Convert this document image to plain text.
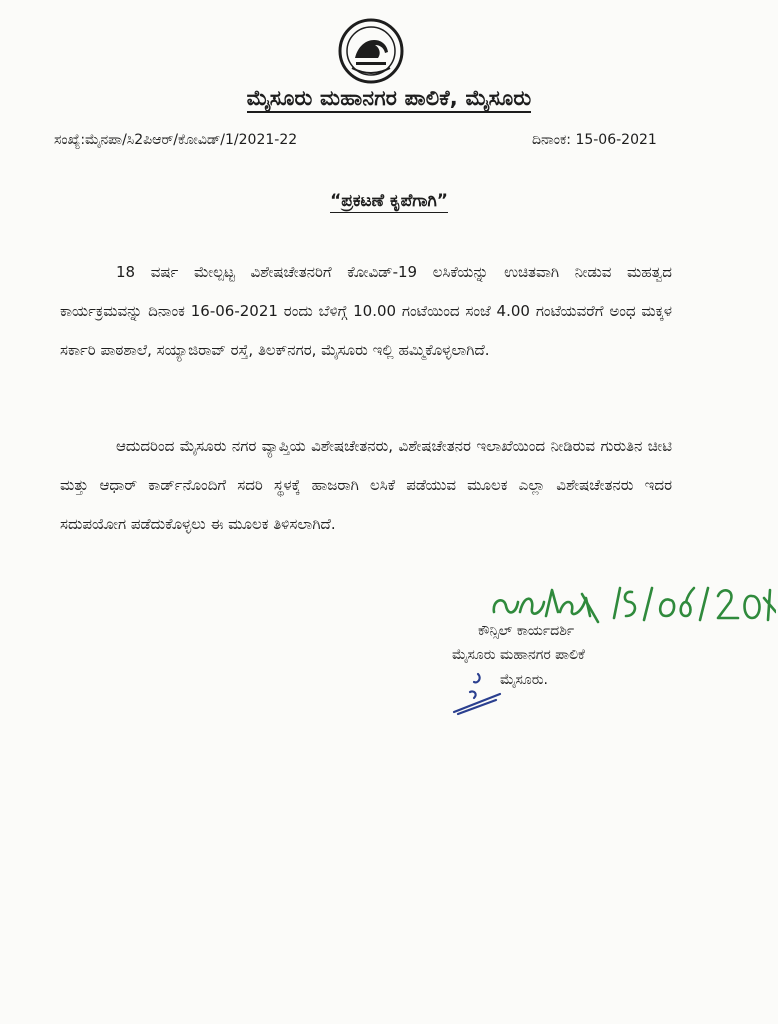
ಮೈಸೂರು ಮಹಾನಗರ ಪಾಲಿಕೆ, ಮೈಸೂರು
ಸಂಖ್ಯೆ:ಮೈನಪಾ/ಸಿ2ಪಿಆರ್/ಕೋವಿಡ್/1/2021-22	ದಿನಾಂಕ: 15-06-2021
“ಪ್ರಕಟಣೆ ಕೃಪೆಗಾಗಿ”

18 ವರ್ಷ ಮೇಲ್ಪಟ್ಟ ವಿಶೇಷಚೇತನರಿಗೆ ಕೋವಿಡ್-19 ಲಸಿಕೆಯನ್ನು ಉಚಿತವಾಗಿ ನೀಡುವ ಮಹತ್ವದ ಕಾರ್ಯಕ್ರಮವನ್ನು ದಿನಾಂಕ 16-06-2021 ರಂದು ಬೆಳಿಗ್ಗೆ 10.00 ಗಂಟೆಯಿಂದ ಸಂಜೆ 4.00 ಗಂಟೆಯವರೆಗೆ ಅಂಧ ಮಕ್ಕಳ ಸರ್ಕಾರಿ ಪಾಠಶಾಲೆ, ಸಯ್ಯಾಜಿರಾವ್ ರಸ್ತೆ, ತಿಲಕ್‌ನಗರ, ಮೈಸೂರು ಇಲ್ಲಿ ಹಮ್ಮಿಕೊಳ್ಳಲಾಗಿದೆ.

ಆದುದರಿಂದ ಮೈಸೂರು ನಗರ ವ್ಯಾಪ್ತಿಯ ವಿಶೇಷಚೇತನರು, ವಿಶೇಷಚೇತನರ ಇಲಾಖೆಯಿಂದ ನೀಡಿರುವ ಗುರುತಿನ ಚೀಟಿ ಮತ್ತು ಆಧಾರ್ ಕಾರ್ಡ್‌ನೊಂದಿಗೆ ಸದರಿ ಸ್ಥಳಕ್ಕೆ ಹಾಜರಾಗಿ ಲಸಿಕೆ ಪಡೆಯುವ ಮೂಲಕ ಎಲ್ಲಾ ವಿಶೇಷಚೇತನರು ಇದರ ಸದುಪಯೋಗ ಪಡೆದುಕೊಳ್ಳಲು ಈ ಮೂಲಕ ತಿಳಿಸಲಾಗಿದೆ.

ಕೌನ್ಸಿಲ್ ಕಾರ್ಯದರ್ಶಿ
ಮೈಸೂರು ಮಹಾನಗರ ಪಾಲಿಕೆ
ಮೈಸೂರು.
